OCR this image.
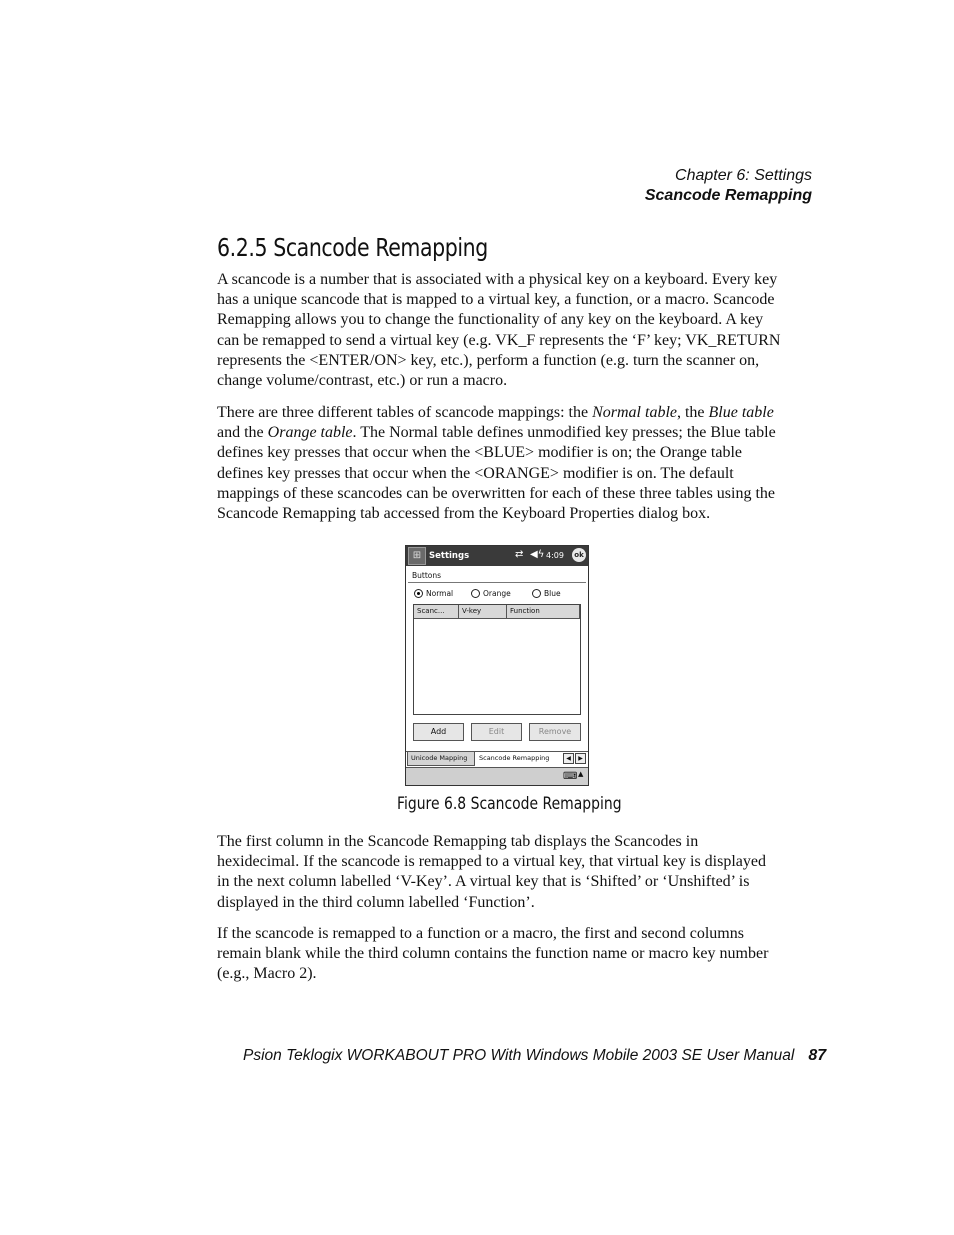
Chapter 6: Settings
Scancode Remapping
6.2.5 Scancode Remapping

A scancode is a number that is associated with a physical key on a keyboard. Every key has a unique scancode that is mapped to a virtual key, a function, or a macro. Scancode Remapping allows you to change the functionality of any key on the keyboard. A key can be remapped to send a virtual key (e.g. VK_F represents the ‘F’ key; VK_RETURN represents the <ENTER/ON> key, etc.), perform a function (e.g. turn the scanner on, change volume/contrast, etc.) or run a macro.

There are three different tables of scancode mappings: the Normal table, the Blue table and the Orange table. The Normal table defines unmodified key presses; the Blue table defines key presses that occur when the <BLUE> modifier is on; the Orange table defines key presses that occur when the <ORANGE> modifier is on. The default mappings of these scancodes can be overwritten for each of these three tables using the Scancode Remapping tab accessed from the Keyboard Properties dialog box.

⊞ Settings	⇄ ◀ϟ 4:09	ok
Buttons
Normal	Orange	Blue
Scanc...	V-key	Function
Add	Edit	Remove
Unicode Mapping	Scancode Remapping	◀	▶
⌨ ▲
Figure 6.8 Scancode Remapping

The first column in the Scancode Remapping tab displays the Scancodes in hexidecimal. If the scancode is remapped to a virtual key, that virtual key is displayed in the next column labelled ‘V-Key’. A virtual key that is ‘Shifted’ or ‘Unshifted’ is displayed in the third column labelled ‘Function’.

If the scancode is remapped to a function or a macro, the first and second columns remain blank while the third column contains the function name or macro key number (e.g., Macro 2).

Psion Teklogix WORKABOUT PRO With Windows Mobile 2003 SE User Manual 87
